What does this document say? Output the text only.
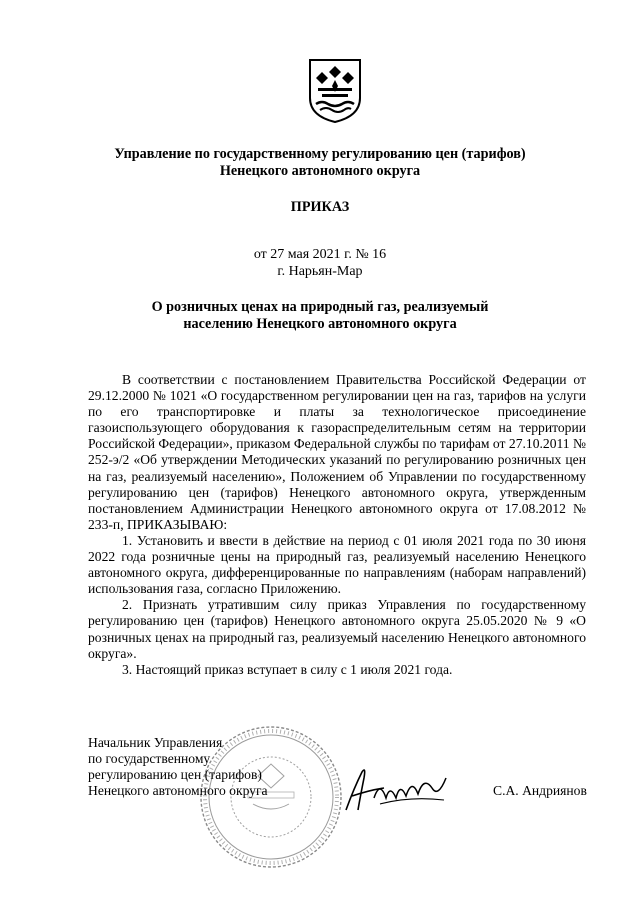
Управление по государственному регулированию цен (тарифов)
Ненецкого автономного округа
ПРИКАЗ
от 27 мая 2021 г. № 16
г. Нарьян-Мар
О розничных ценах на природный газ, реализуемый
населению Ненецкого автономного округа

В соответствии с постановлением Правительства Российской Федерации от 29.12.2000 № 1021 «О государственном регулировании цен на газ, тарифов на услуги по его транспортировке и платы за технологическое присоединение газоиспользующего оборудования к газораспределительным сетям на территории Российской Федерации», приказом Федеральной службы по тарифам от 27.10.2011 № 252-э/2 «Об утверждении Методических указаний по регулированию розничных цен на газ, реализуемый населению», Положением об Управлении по государственному регулированию цен (тарифов) Ненецкого автономного округа, утвержденным постановлением Администрации Ненецкого автономного округа от 17.08.2012 № 233-п, ПРИКАЗЫВАЮ:

1. Установить и ввести в действие на период с 01 июля 2021 года по 30 июня 2022 года розничные цены на природный газ, реализуемый населению Ненецкого автономного округа, дифференцированные по направлениям (наборам направлений) использования газа, согласно Приложению.

2. Признать утратившим силу приказ Управления по государственному регулированию цен (тарифов) Ненецкого автономного округа 25.05.2020 № 9 «О розничных ценах на природный газ, реализуемый населению Ненецкого автономного округа».

3. Настоящий приказ вступает в силу с 1 июля 2021 года.

Начальник Управления
по государственному
регулированию цен (тарифов)
Ненецкого автономного округа	С.А. Андриянов
